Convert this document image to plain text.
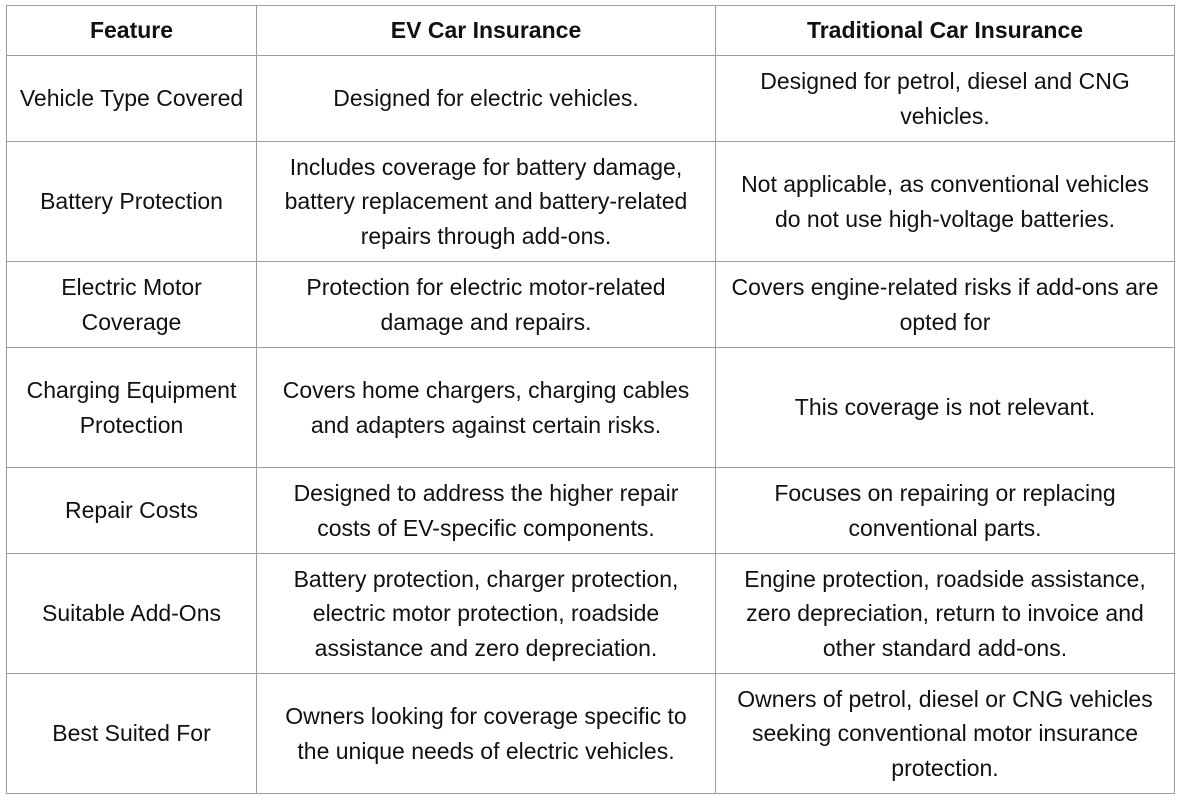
Feature	EV Car Insurance	Traditional Car Insurance
Vehicle Type Covered	Designed for electric vehicles.	Designed for petrol, diesel and CNG vehicles.
Battery Protection	Includes coverage for battery damage, battery replacement and battery-related repairs through add-ons.	Not applicable, as conventional vehicles do not use high-voltage batteries.
Electric Motor Coverage	Protection for electric motor-related damage and repairs.	Covers engine-related risks if add-ons are opted for
Charging Equipment Protection	Covers home chargers, charging cables and adapters against certain risks.	This coverage is not relevant.
Repair Costs	Designed to address the higher repair costs of EV-specific components.	Focuses on repairing or replacing conventional parts.
Suitable Add-Ons	Battery protection, charger protection, electric motor protection, roadside assistance and zero depreciation.	Engine protection, roadside assistance, zero depreciation, return to invoice and other standard add-ons.
Best Suited For	Owners looking for coverage specific to the unique needs of electric vehicles.	Owners of petrol, diesel or CNG vehicles seeking conventional motor insurance protection.
